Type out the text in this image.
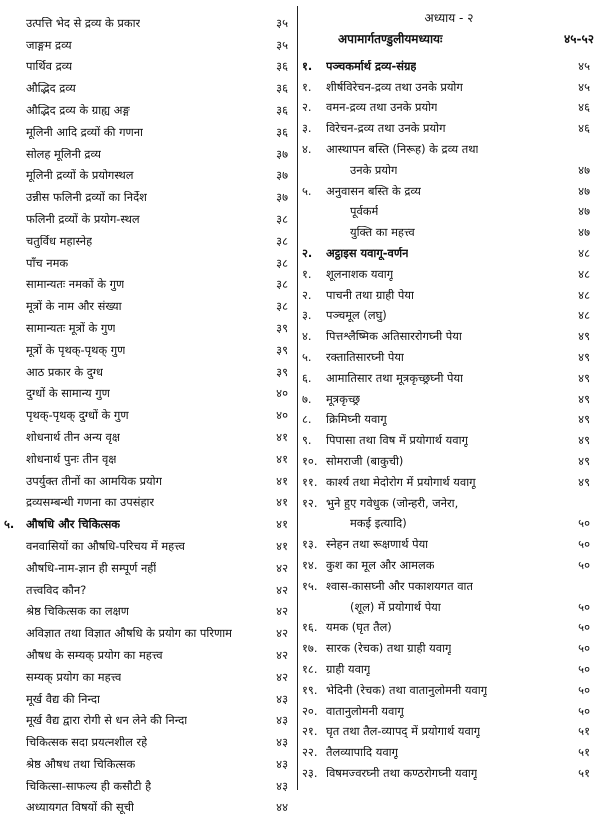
उत्पत्ति भेद से द्रव्य के प्रकार	३५
जाङ्गम द्रव्य	३५
पार्थिव द्रव्य	३६
औद्भिद द्रव्य	३६
औद्भिद द्रव्य के ग्राह्य अङ्ग	३६
मूलिनी आदि द्रव्यों की गणना	३६
सोलह मूलिनी द्रव्य	३७
मूलिनी द्रव्यों के प्रयोगस्थल	३७
उन्नीस फलिनी द्रव्यों का निर्देश	३७
फलिनी द्रव्यों के प्रयोग-स्थल	३८
चतुर्विध महास्नेह	३८
पाँच नमक	३८
सामान्यतः नमकों के गुण	३८
मूत्रों के नाम और संख्या	३८
सामान्यतः मूत्रों के गुण	३९
मूत्रों के पृथक्-पृथक् गुण	३९
आठ प्रकार के दुग्ध	३९
दुग्धों के सामान्य गुण	४०
पृथक्-पृथक् दुग्धों के गुण	४०
शोधनार्थ तीन अन्य वृक्ष	४१
शोधनार्थ पुनः तीन वृक्ष	४१
उपर्युक्त तीनों का आमयिक प्रयोग	४१
द्रव्यसम्बन्धी गणना का उपसंहार	४१
५.	औषधि और चिकित्सक	४१
वनवासियों का औषधि-परिचय में महत्त्व	४१
औषधि-नाम-ज्ञान ही सम्पूर्ण नहीं	४२
तत्त्वविद कौन?	४२
श्रेष्ठ चिकित्सक का लक्षण	४२
अविज्ञात तथा विज्ञात औषधि के प्रयोग का परिणाम	४२
औषध के सम्यक् प्रयोग का महत्त्व	४२
सम्यक् प्रयोग का महत्त्व	४२
मूर्ख वैद्य की निन्दा	४३
मूर्ख वैद्य द्वारा रोगी से धन लेने की निन्दा	४३
चिकित्सक सदा प्रयत्नशील रहे	४३
श्रेष्ठ औषध तथा चिकित्सक	४३
चिकित्सा-साफल्य ही कसौटी है	४३
अध्यायगत विषयों की सूची	४४
अध्याय - २
अपामार्गतण्डुलीयमध्यायः	४५-५२
१.	पञ्चकर्मार्थ द्रव्य-संग्रह	४५
१.	शीर्षविरेचन-द्रव्य तथा उनके प्रयोग	४५
२.	वमन-द्रव्य तथा उनके प्रयोग	४६
३.	विरेचन-द्रव्य तथा उनके प्रयोग	४६
४.	आस्थापन बस्ति (निरूह) के द्रव्य तथा
उनके प्रयोग	४७
५.	अनुवासन बस्ति के द्रव्य	४७
पूर्वकर्म	४७
युक्ति का महत्त्व	४७
२.	अट्ठाइस यवागू-वर्णन	४८
१.	शूलनाशक यवागू	४८
२.	पाचनी तथा ग्राही पेया	४८
३.	पञ्चमूल (लघु)	४८
४.	पित्तश्लैष्मिक अतिसाररोगघ्नी पेया	४९
५.	रक्तातिसारघ्नी पेया	४९
६.	आमातिसार तथा मूत्रकृच्छ्रघ्नी पेया	४९
७.	मूत्रकृच्छ्र	४९
८.	क्रिमिघ्नी यवागू	४९
९.	पिपासा तथा विष में प्रयोगार्थ यवागू	४९
१०. सोमराजी (बाकुची)	४९
११. कार्श्य तथा मेदोरोग में प्रयोगार्थ यवागू	४९
१२. भुने हुए गवेधुक (जोन्हरी, जनेरा,
मकई इत्यादि)	५०
१३. स्नेहन तथा रूक्षणार्थ पेया	५०
१४. कुश का मूल और आमलक	५०
१५. श्वास-कासघ्नी और पकाशयगत वात
(शूल) में प्रयोगार्थ पेया	५०
१६. यमक (घृत तैल)	५०
१७. सारक (रेचक) तथा ग्राही यवागू	५०
१८. ग्राही यवागू	५०
१९. भेदिनी (रेचक) तथा वातानुलोमनी यवागू	५०
२०. वातानुलोमनी यवागू	५०
२१. घृत तथा तैल-व्यापद् में प्रयोगार्थ यवागू	५१
२२. तैलव्यापादि यवागू	५१
२३. विषमज्वरघ्नी तथा कण्ठरोगघ्नी यवागू	५१
